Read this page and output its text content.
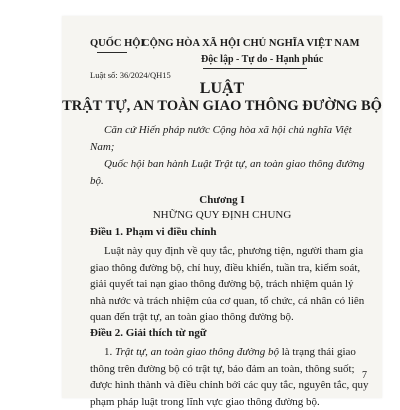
QUỐC HỘI
CỘNG HÒA XÃ HỘI CHỦ NGHĨA VIỆT NAM
Độc lập - Tự do - Hạnh phúc
Luật số: 36/2024/QH15
LUẬT
TRẬT TỰ, AN TOÀN GIAO THÔNG ĐƯỜNG BỘ
Căn cứ Hiến pháp nước Cộng hòa xã hội chủ nghĩa Việt Nam;
Quốc hội ban hành Luật Trật tự, an toàn giao thông đường bộ.
Chương I
NHỮNG QUY ĐỊNH CHUNG
Điều 1. Phạm vi điều chỉnh
Luật này quy định về quy tắc, phương tiện, người tham gia giao thông đường bộ, chỉ huy, điều khiển, tuần tra, kiểm soát, giải quyết tai nạn giao thông đường bộ, trách nhiệm quản lý nhà nước và trách nhiệm của cơ quan, tổ chức, cá nhân có liên quan đến trật tự, an toàn giao thông đường bộ.
Điều 2. Giải thích từ ngữ
1. Trật tự, an toàn giao thông đường bộ là trạng thái giao thông trên đường bộ có trật tự, bảo đảm an toàn, thông suốt; được hình thành và điều chỉnh bởi các quy tắc, nguyên tắc, quy phạm pháp luật trong lĩnh vực giao thông đường bộ.
7
